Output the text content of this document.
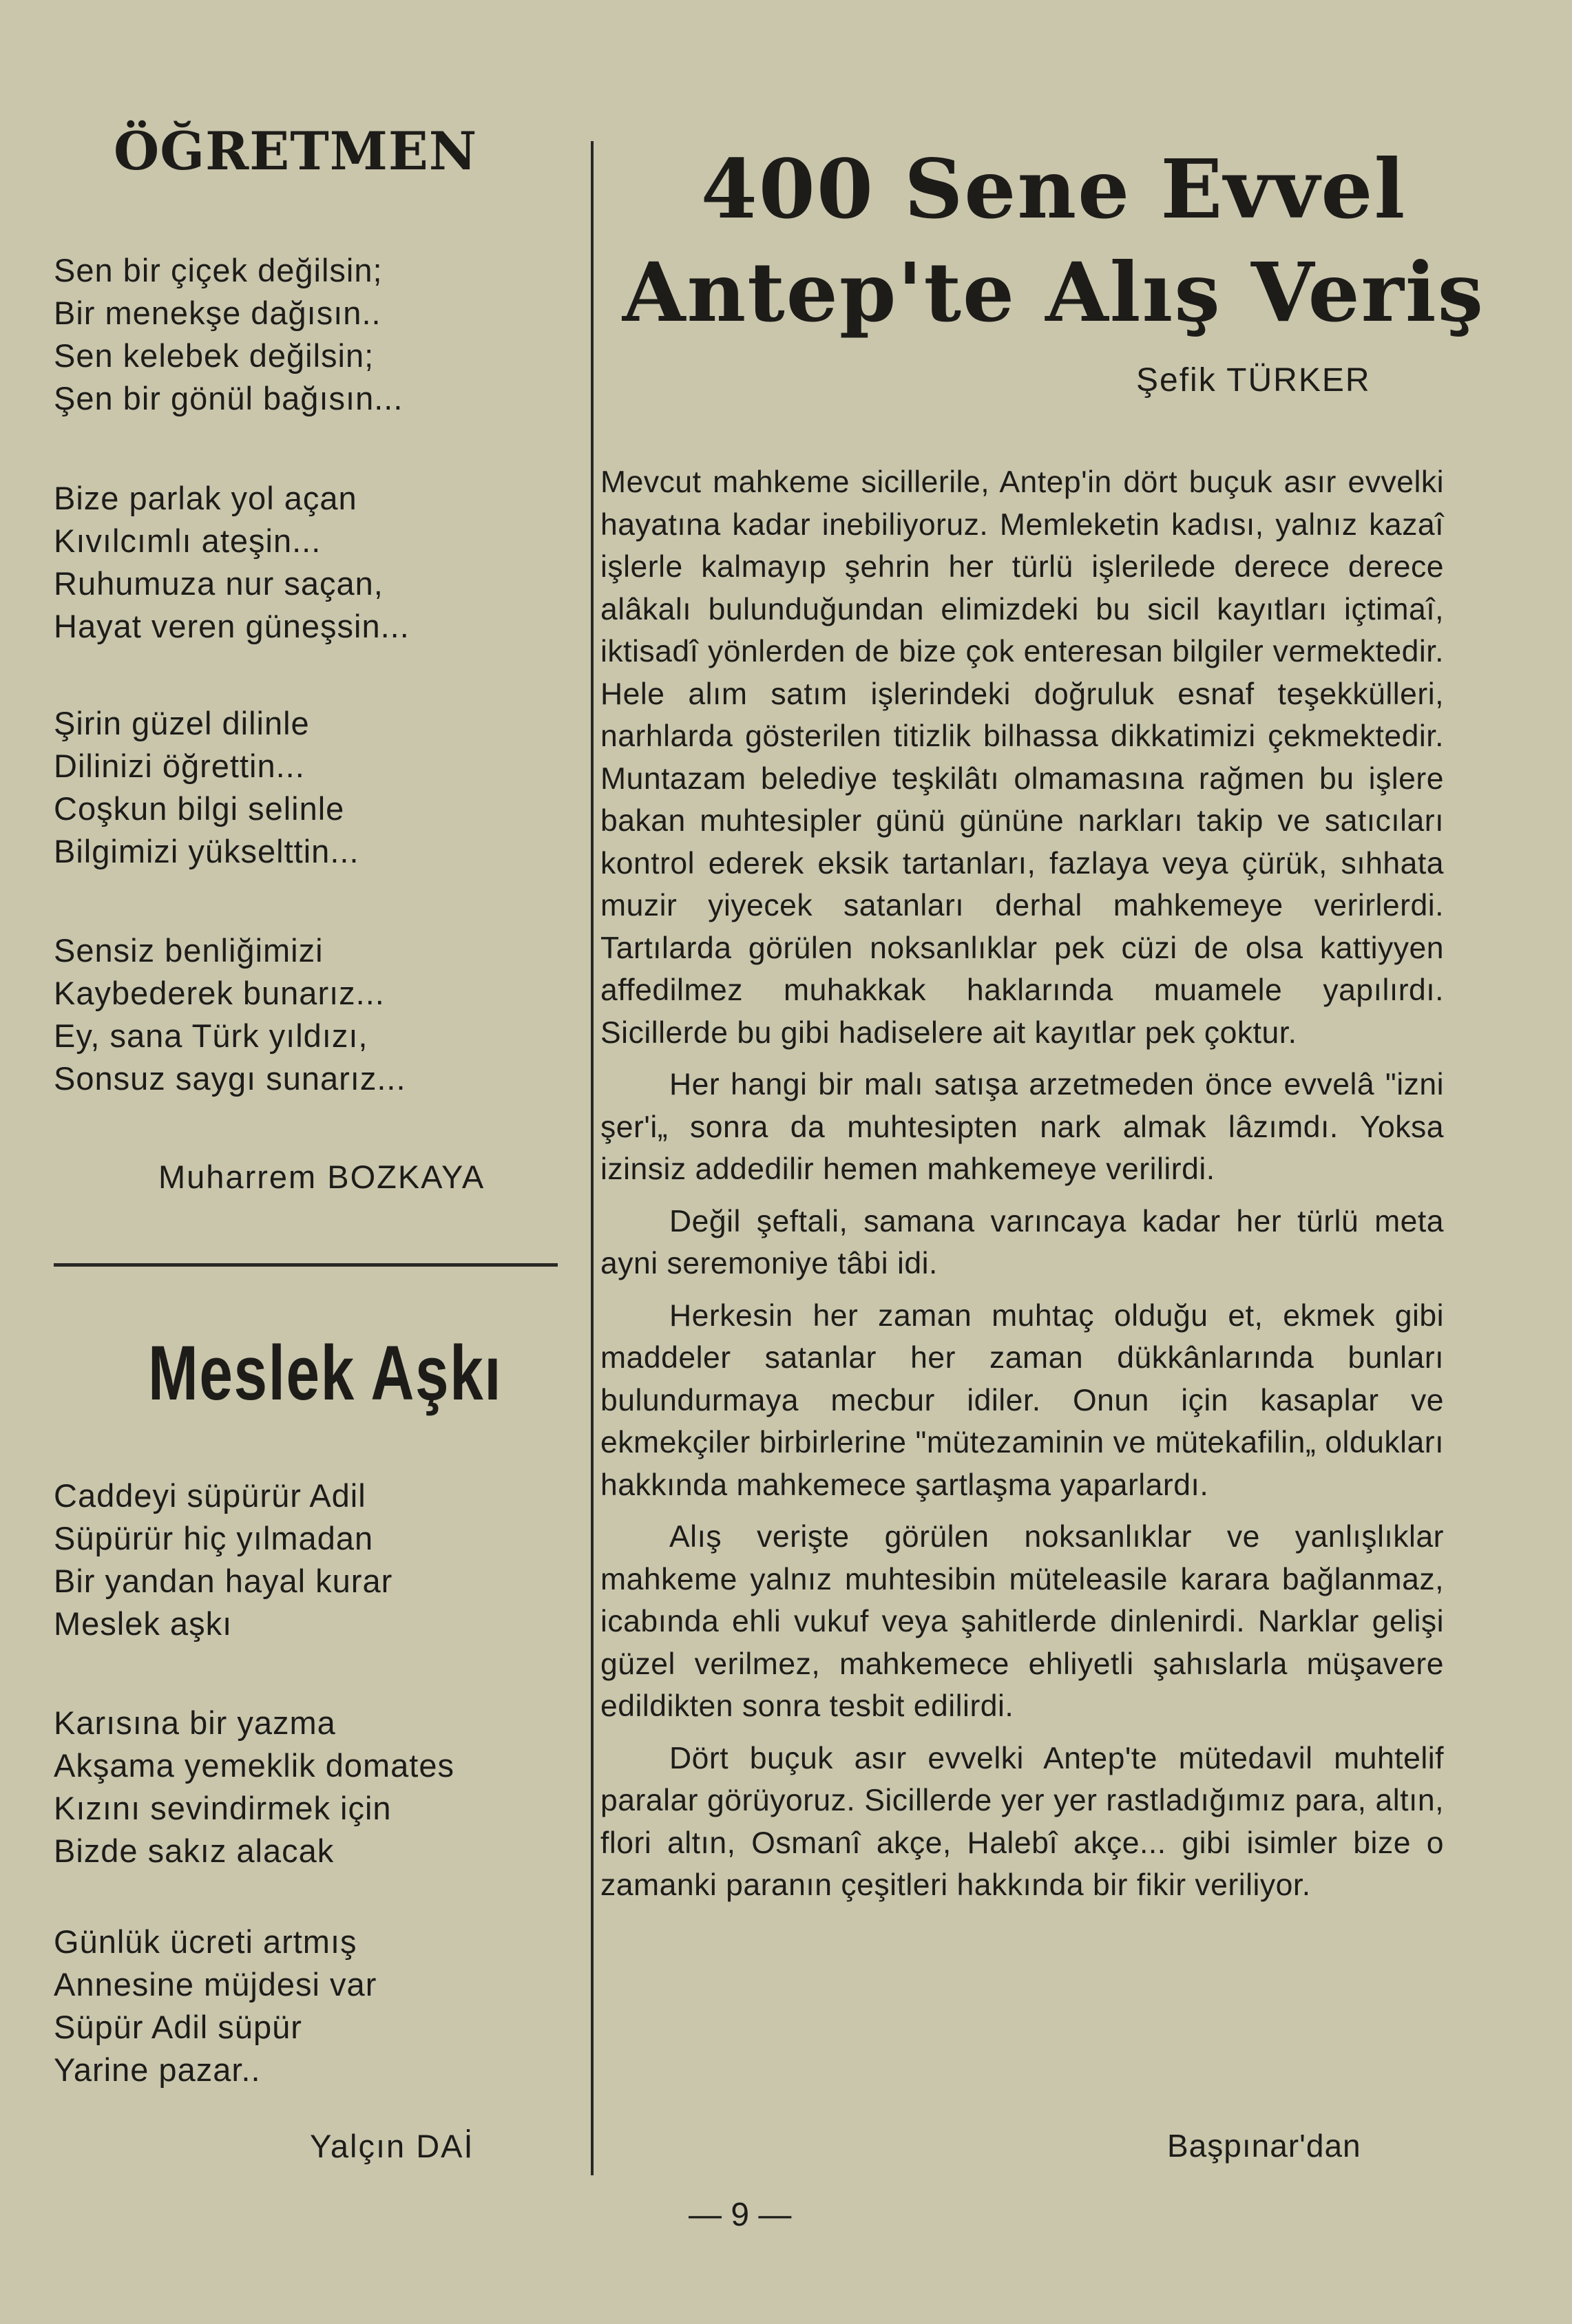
ÖĞRETMEN
Sen bir çiçek değilsin;
Bir menekşe dağısın..
Sen kelebek değilsin;
Şen bir gönül bağısın...
Bize parlak yol açan
Kıvılcımlı ateşin...
Ruhumuza nur saçan,
Hayat veren güneşsin...
Şirin güzel dilinle
Dilinizi öğrettin...
Coşkun bilgi selinle
Bilgimizi yükselttin...
Sensiz benliğimizi
Kaybederek bunarız...
Ey, sana Türk yıldızı,
Sonsuz saygı sunarız...
Muharrem BOZKAYA
Meslek Aşkı
Caddeyi süpürür Adil
Süpürür hiç yılmadan
Bir yandan hayal kurar
Meslek aşkı
Karısına bir yazma
Akşama yemeklik domates
Kızını sevindirmek için
Bizde sakız alacak
Günlük ücreti artmış
Annesine müjdesi var
Süpür Adil süpür
Yarine pazar..
Yalçın DAİ
400 Sene Evvel
Antep'te Alış Veriş
Şefik TÜRKER

Mevcut mahkeme sicillerile, Antep'in dört buçuk asır evvelki hayatına kadar inebiliyoruz. Memleketin kadısı, yalnız kazaî işlerle kalmayıp şehrin her türlü işlerilede derece derece alâkalı bulunduğundan elimizdeki bu sicil kayıtları içtimaî, iktisadî yönlerden de bize çok enteresan bilgiler vermektedir. Hele alım satım işlerindeki doğruluk esnaf teşekkülleri, narhlarda gösterilen titizlik bilhassa dikkatimizi çekmektedir. Muntazam belediye teşkilâtı olmamasına rağmen bu işlere bakan muhtesipler günü gününe narkları takip ve satıcıları kontrol ederek eksik tartanları, fazlaya veya çürük, sıhhata muzir yiyecek satanları derhal mahkemeye verirlerdi. Tartılarda görülen noksanlıklar pek cüzi de olsa kattiyyen affedilmez muhakkak haklarında muamele yapılırdı. Sicillerde bu gibi hadiselere ait kayıtlar pek çoktur.

Her hangi bir malı satışa arzetmeden önce evvelâ "izni şer'i„ sonra da muhtesipten nark almak lâzımdı. Yoksa izinsiz addedilir hemen mahkemeye verilirdi.

Değil şeftali, samana varıncaya kadar her türlü meta ayni seremoniye tâbi idi.

Herkesin her zaman muhtaç olduğu et, ekmek gibi maddeler satanlar her zaman dükkânlarında bunları bulundurmaya mecbur idiler. Onun için kasaplar ve ekmekçiler birbirlerine "mütezaminin ve mütekafilin„ oldukları hakkında mahkemece şartlaşma yaparlardı.

Alış verişte görülen noksanlıklar ve yanlışlıklar mahkeme yalnız muhtesibin müteleasile karara bağlanmaz, icabında ehli vukuf veya şahitlerde dinlenirdi. Narklar gelişi güzel verilmez, mahkemece ehliyetli şahıslarla müşavere edildikten sonra tesbit edilirdi.

Dört buçuk asır evvelki Antep'te mütedavil muhtelif paralar görüyoruz. Sicillerde yer yer rastladığımız para, altın, flori altın, Osmanî akçe, Halebî akçe... gibi isimler bize o zamanki paranın çeşitleri hakkında bir fikir veriliyor.

Başpınar'dan
— 9 —
